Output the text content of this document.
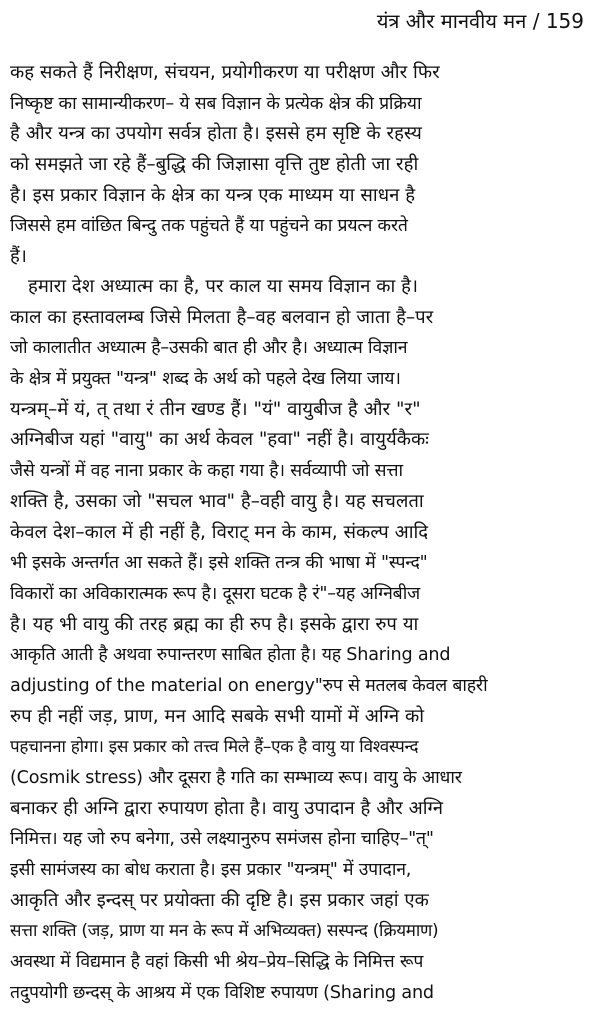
यंत्र और मानवीय मन / 159
कह सकते हैं निरीक्षण, संचयन, प्रयोगीकरण या परीक्षण और फिर
निष्कृष्ट का सामान्यीकरण– ये सब विज्ञान के प्रत्येक क्षेत्र की प्रक्रिया
है और यन्त्र का उपयोग सर्वत्र होता है। इससे हम सृष्टि के रहस्य
को समझते जा रहे हैं–बुद्धि की जिज्ञासा वृत्ति तुष्ट होती जा रही
है। इस प्रकार विज्ञान के क्षेत्र का यन्त्र एक माध्यम या साधन है
जिससे हम वांछित बिन्दु तक पहुंचते हैं या पहुंचने का प्रयत्न करते
हैं।
हमारा देश अध्यात्म का है, पर काल या समय विज्ञान का है।
काल का हस्तावलम्ब जिसे मिलता है–वह बलवान हो जाता है–पर
जो कालातीत अध्यात्म है–उसकी बात ही और है। अध्यात्म विज्ञान
के क्षेत्र में प्रयुक्त "यन्त्र" शब्द के अर्थ को पहले देख लिया जाय।
यन्त्रम्–में यं, त् तथा रं तीन खण्ड हैं। "यं" वायुबीज है और "र"
अग्निबीज यहां "वायु" का अर्थ केवल "हवा" नहीं है। वायुर्यकैकः
जैसे यन्त्रों में वह नाना प्रकार के कहा गया है। सर्वव्यापी जो सत्ता
शक्ति है, उसका जो "सचल भाव" है–वही वायु है। यह सचलता
केवल देश–काल में ही नहीं है, विराट् मन के काम, संकल्प आदि
भी इसके अन्तर्गत आ सकते हैं। इसे शक्ति तन्त्र की भाषा में "स्पन्द"
विकारों का अविकारात्मक रूप है। दूसरा घटक है रं"–यह अग्निबीज
है। यह भी वायु की तरह ब्रह्म का ही रुप है। इसके द्वारा रुप या
आकृति आती है अथवा रुपान्तरण साबित होता है। यह Sharing and
adjusting of the material on energy"रुप से मतलब केवल बाहरी
रुप ही नहीं जड़, प्राण, मन आदि सबके सभी यामों में अग्नि को
पहचानना होगा। इस प्रकार को तत्त्व मिले हैं–एक है वायु या विश्वस्पन्द
(Cosmik stress) और दूसरा है गति का सम्भाव्य रूप। वायु के आधार
बनाकर ही अग्नि द्वारा रुपायण होता है। वायु उपादान है और अग्नि
निमित्त। यह जो रुप बनेगा, उसे लक्ष्यानुरुप समंजस होना चाहिए–"त्"
इसी सामंजस्य का बोध कराता है। इस प्रकार "यन्त्रम्" में उपादान,
आकृति और इन्दस् पर प्रयोक्ता की दृष्टि है। इस प्रकार जहां एक
सत्ता शक्ति (जड़, प्राण या मन के रूप में अभिव्यक्त) सस्पन्द (क्रियमाण)
अवस्था में विद्यमान है वहां किसी भी श्रेय–प्रेय–सिद्धि के निमित्त रूप
तदुपयोगी छन्दस् के आश्रय में एक विशिष्ट रुपायण (Sharing and
